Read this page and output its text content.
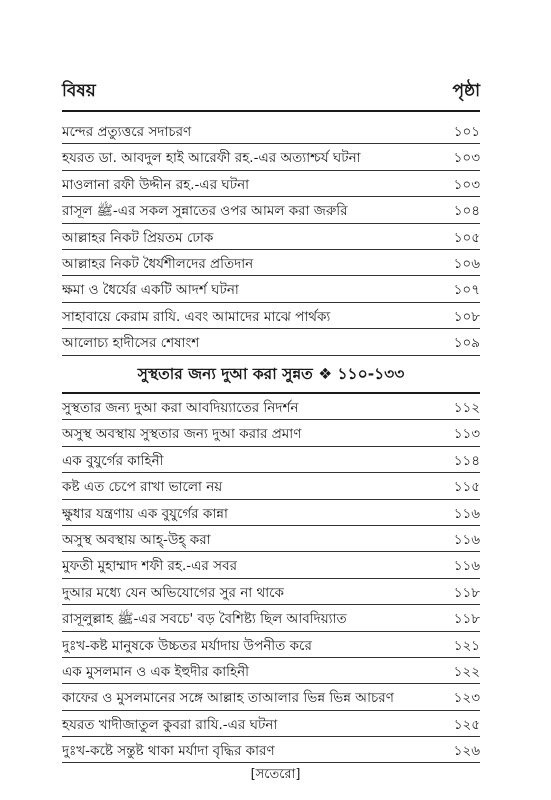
বিষয়	পৃষ্ঠা
মন্দের প্রত্যুত্তরে সদাচরণ	১০১
হযরত ডা. আবদুল হাই আরেফী রহ.-এর অত্যাশ্চর্য ঘটনা	১০৩
মাওলানা রফী উদ্দীন রহ.-এর ঘটনা	১০৩
রাসূল ﷺ-এর সকল সুন্নাতের ওপর আমল করা জরুরি	১০৪
আল্লাহর নিকট প্রিয়তম ঢোক	১০৫
আল্লাহর নিকট ধৈর্যশীলদের প্রতিদান	১০৬
ক্ষমা ও ধৈর্যের একটি আদর্শ ঘটনা	১০৭
সাহাবায়ে কেরাম রাযি. এবং আমাদের মাঝে পার্থক্য	১০৮
আলোচ্য হাদীসের শেষাংশ	১০৯
সুস্থতার জন্য দুআ করা সুন্নত ❖ ১১০-১৩৩
সুস্থতার জন্য দুআ করা আবদিয়্যাতের নিদর্শন	১১২
অসুস্থ অবস্থায় সুস্থতার জন্য দুআ করার প্রমাণ	১১৩
এক বুযুর্গের কাহিনী	১১৪
কষ্ট এত চেপে রাখা ভালো নয়	১১৫
ক্ষুধার যন্ত্রণায় এক বুযুর্গের কান্না	১১৬
অসুস্থ অবস্থায় আহ্-উহ্ করা	১১৬
মুফতী মুহাম্মাদ শফী রহ.-এর সবর	১১৬
দুআর মধ্যে যেন অভিযোগের সুর না থাকে	১১৮
রাসূলুল্লাহ ﷺ-এর সবচে' বড় বৈশিষ্ট্য ছিল আবদিয়্যাত	১১৮
দুঃখ-কষ্ট মানুষকে উচ্চতর মর্যাদায় উপনীত করে	১২১
এক মুসলমান ও এক ইহুদীর কাহিনী	১২২
কাফের ও মুসলমানের সঙ্গে আল্লাহ তাআলার ভিন্ন ভিন্ন আচরণ	১২৩
হযরত খাদীজাতুল কুবরা রাযি.-এর ঘটনা	১২৫
দুঃখ-কষ্টে সন্তুষ্ট থাকা মর্যাদা বৃদ্ধির কারণ	১২৬
[সতেরো]
